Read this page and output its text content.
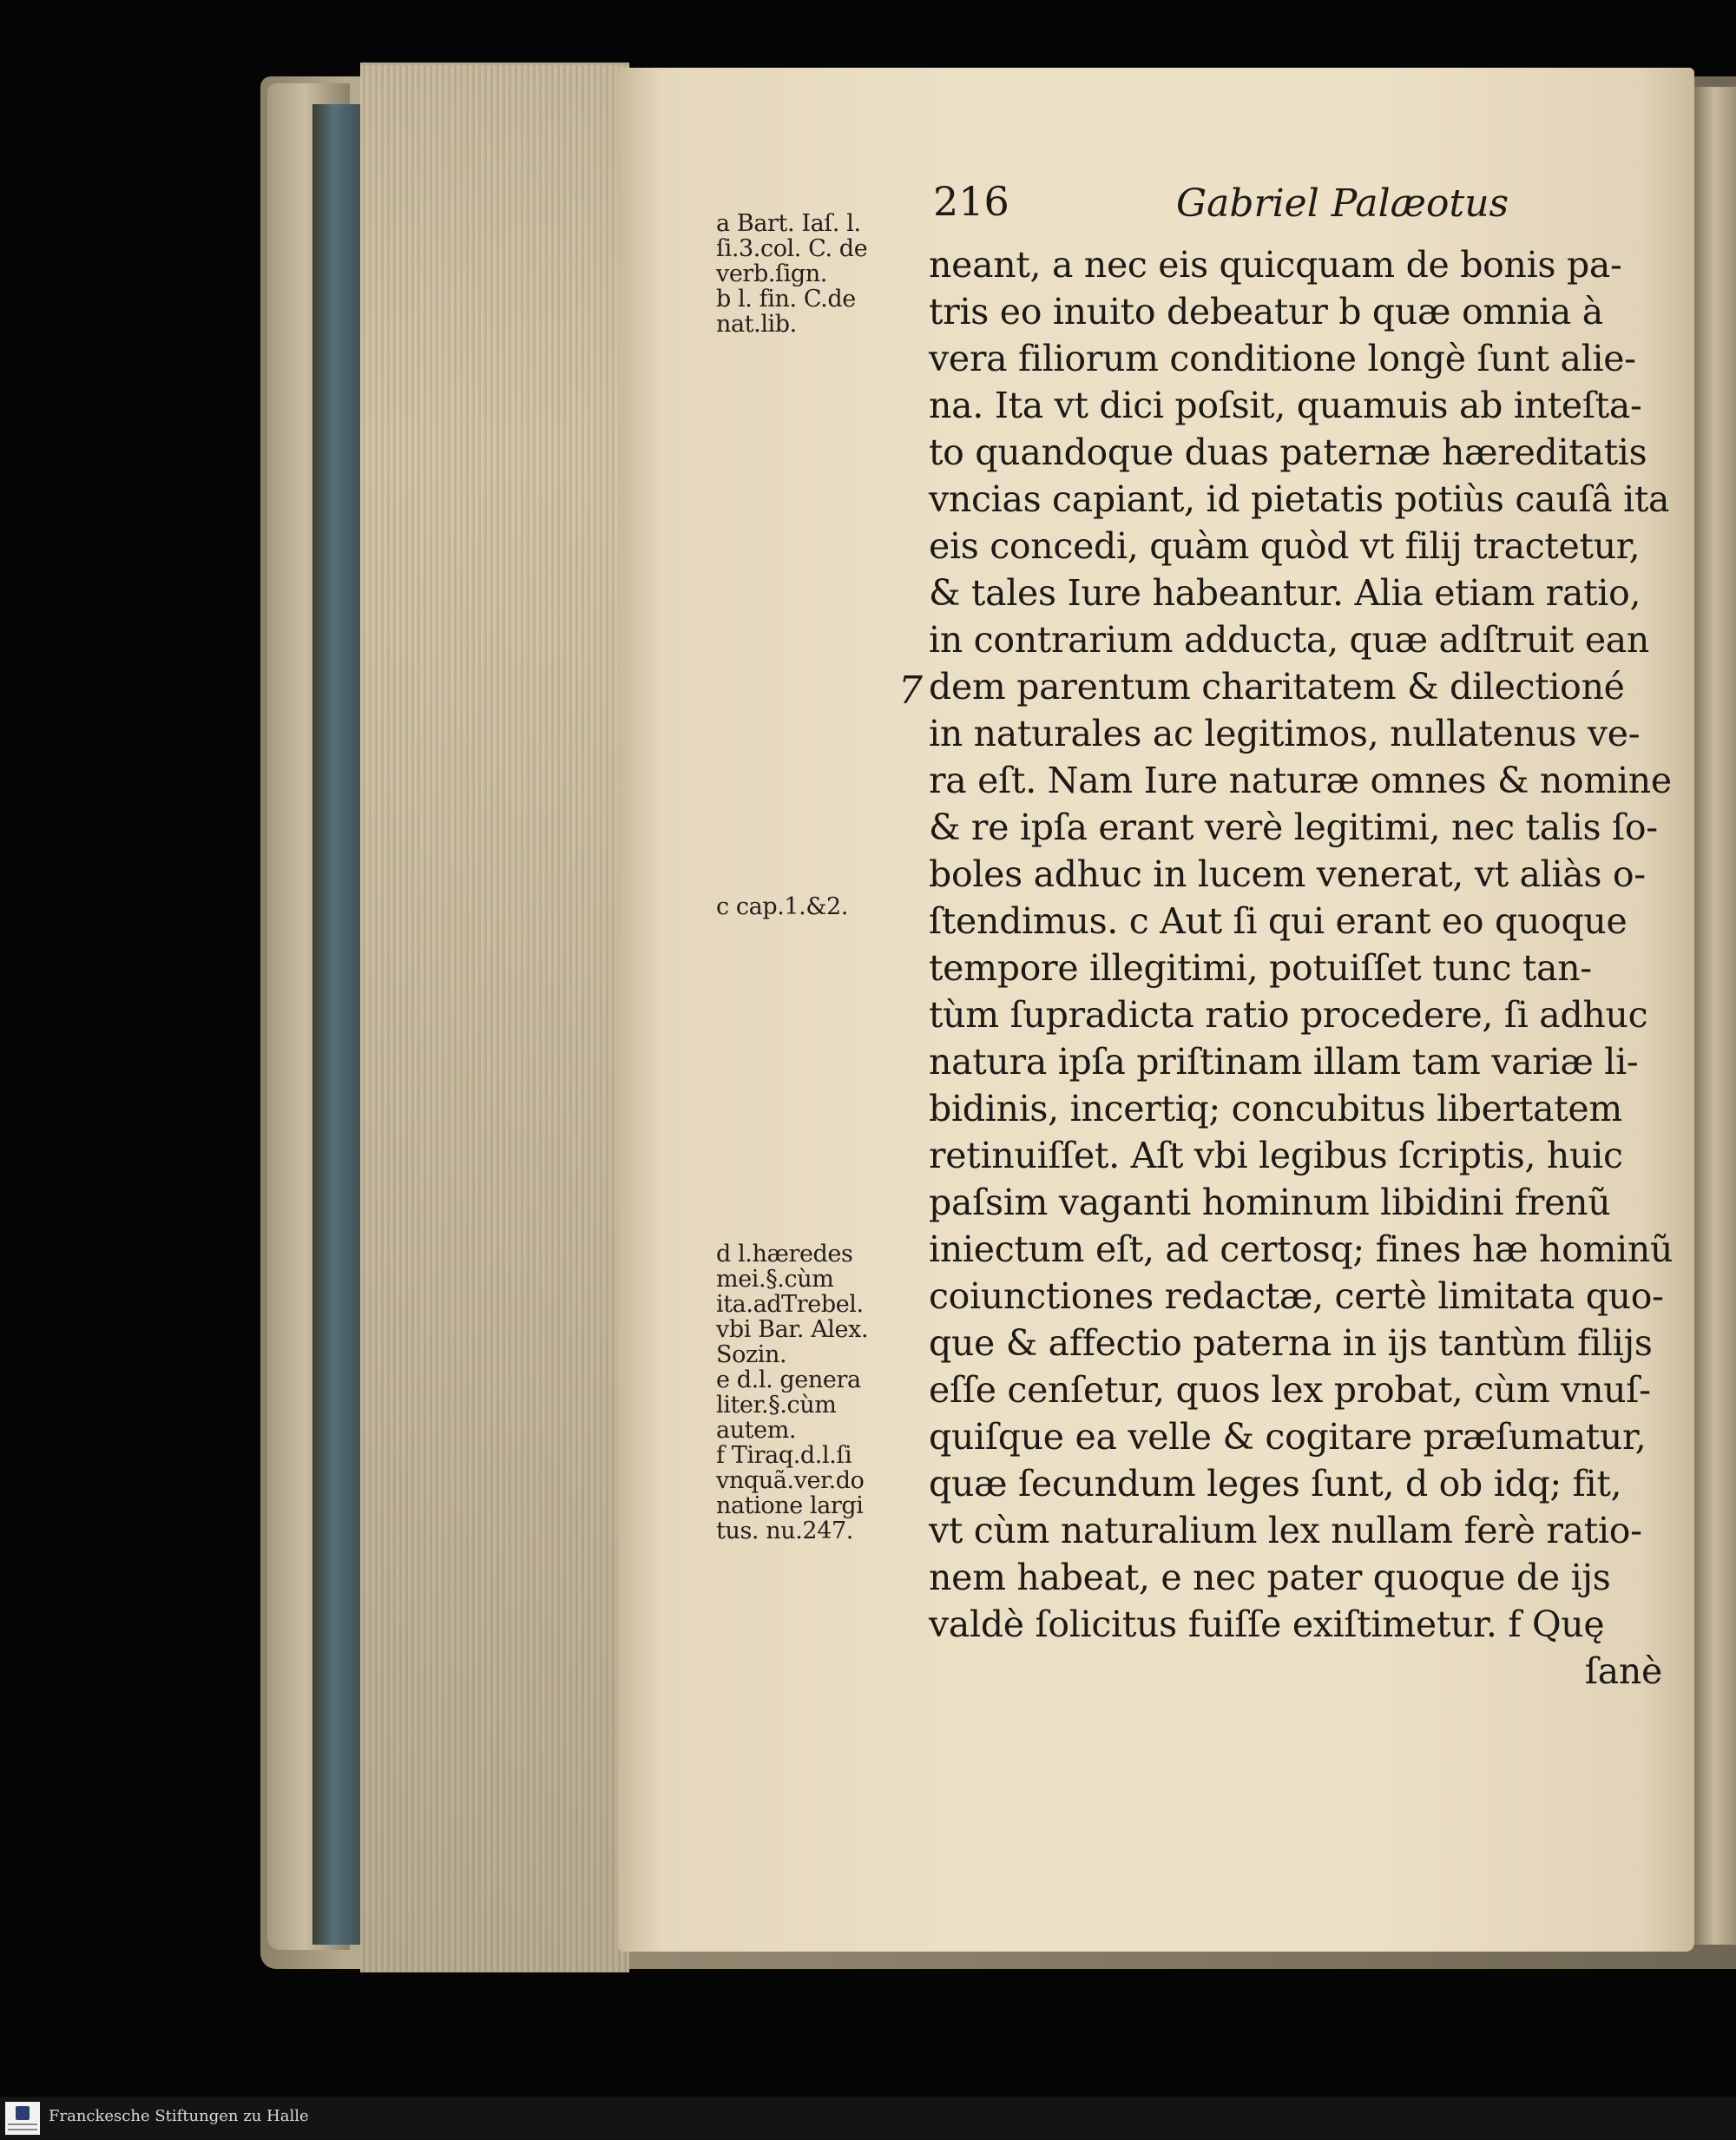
216	Gabriel Palæotus
a Bart. Iaſ. l.
ſi.3.col. C. de
verb.ſign.
b l. fin. C.de
nat.lib.
c cap.1.&2.
d l.hæredes
mei.§.cùm
ita.adTrebel.
vbi Bar. Alex.
Sozin.
e d.l. genera
liter.§.cùm
autem.
f Tiraq.d.l.ſi
vnquã.ver.do
natione largi
tus. nu.247.
7
neant, a nec eis quicquam de bonis pa-
tris eo inuito debeatur b quæ omnia à
vera filiorum conditione longè ſunt alie-
na. Ita vt dici poſsit, quamuis ab inteſta-
to quandoque duas paternæ hæreditatis
vncias capiant, id pietatis potiùs cauſâ ita
eis concedi, quàm quòd vt filij tractetur,
& tales Iure habeantur. Alia etiam ratio,
in contrarium adducta, quæ adſtruit ean
dem parentum charitatem & dilectioné
in naturales ac legitimos, nullatenus ve-
ra eſt. Nam Iure naturæ omnes & nomine
& re ipſa erant verè legitimi, nec talis ſo-
boles adhuc in lucem venerat, vt aliàs o-
ſtendimus. c Aut ſi qui erant eo quoque
tempore illegitimi, potuiſſet tunc tan-
tùm ſupradicta ratio procedere, ſi adhuc
natura ipſa priſtinam illam tam variæ li-
bidinis, incertiq; concubitus libertatem
retinuiſſet. Aſt vbi legibus ſcriptis, huic
paſsim vaganti hominum libidini frenũ
iniectum eſt, ad certosq; fines hæ hominũ
coiunctiones redactæ, certè limitata quo-
que & affectio paterna in ijs tantùm filijs
eſſe cenſetur, quos lex probat, cùm vnuſ-
quiſque ea velle & cogitare præſumatur,
quæ ſecundum leges ſunt, d ob idq; fit,
vt cùm naturalium lex nullam ferè ratio-
nem habeat, e nec pater quoque de ijs
valdè ſolicitus fuiſſe exiſtimetur. f Quę
ſanè
Franckesche Stiftungen zu Halle
